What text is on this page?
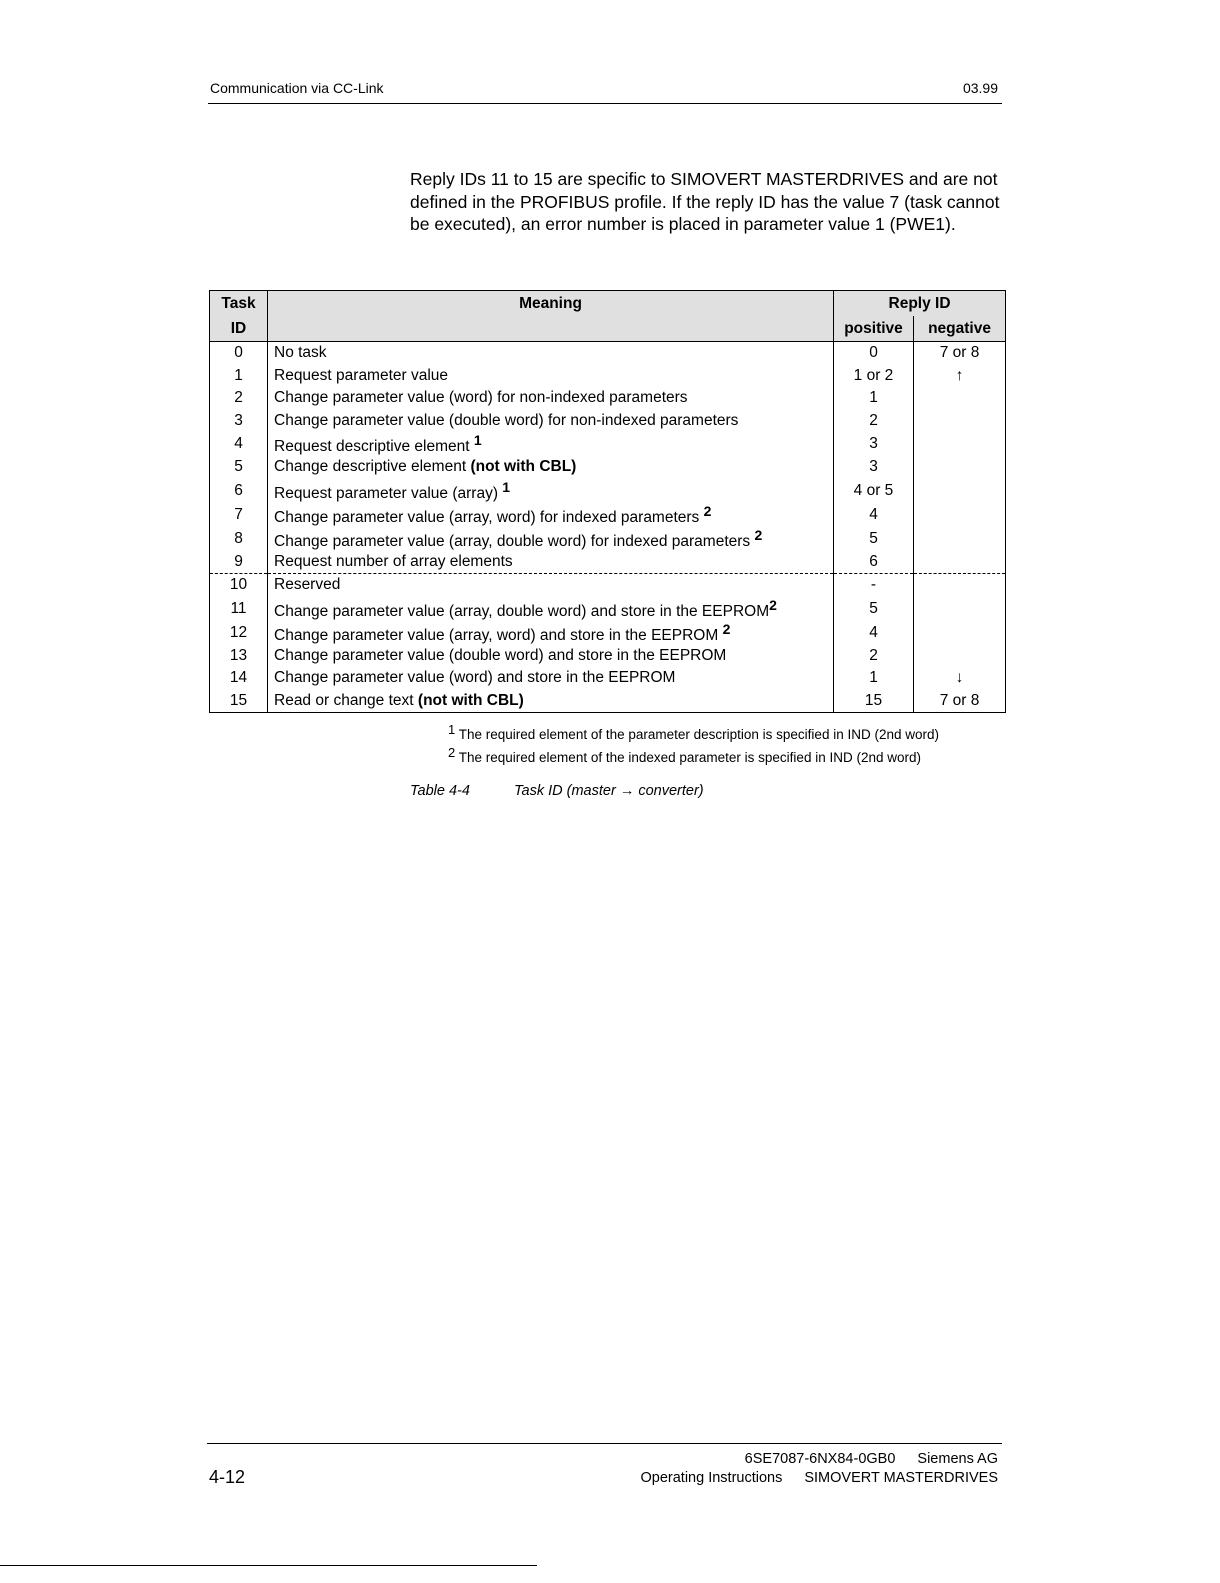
Communication via CC-Link	03.99
Reply IDs 11 to 15 are specific to SIMOVERT MASTERDRIVES and are not defined in the PROFIBUS profile. If the reply ID has the value 7 (task cannot be executed), an error number is placed in parameter value 1 (PWE1).
Task	Meaning	Reply ID	
ID		positive	negative
0	No task	0	7 or 8
1	Request parameter value	1 or 2	↑
2	Change parameter value (word) for non-indexed parameters	1	
3	Change parameter value (double word) for non-indexed parameters	2	
4	Request descriptive element $^1$	3	
5	Change descriptive element (not with CBL)	3	
6	Request parameter value (array) $^1$	4 or 5	
7	Change parameter value (array, word) for indexed parameters $^2$	4	
8	Change parameter value (array, double word) for indexed parameters $^2$	5	
9	Request number of array elements	6	
10	Reserved	-	
11	Change parameter value (array, double word) and store in the EEPROM$^2$	5	
12	Change parameter value (array, word) and store in the EEPROM $^2$	4	
13	Change parameter value (double word) and store in the EEPROM	2	
14	Change parameter value (word) and store in the EEPROM	1	↓
15	Read or change text (not with CBL)	15	7 or 8
$^1$ The required element of the parameter description is specified in IND (2nd word)
$^2$ The required element of the indexed parameter is specified in IND (2nd word)
Table 4-4	Task ID (master → converter)
4-12
6SE7087-6NX84-0GB0 Siemens AG
Operating Instructions SIMOVERT MASTERDRIVES
